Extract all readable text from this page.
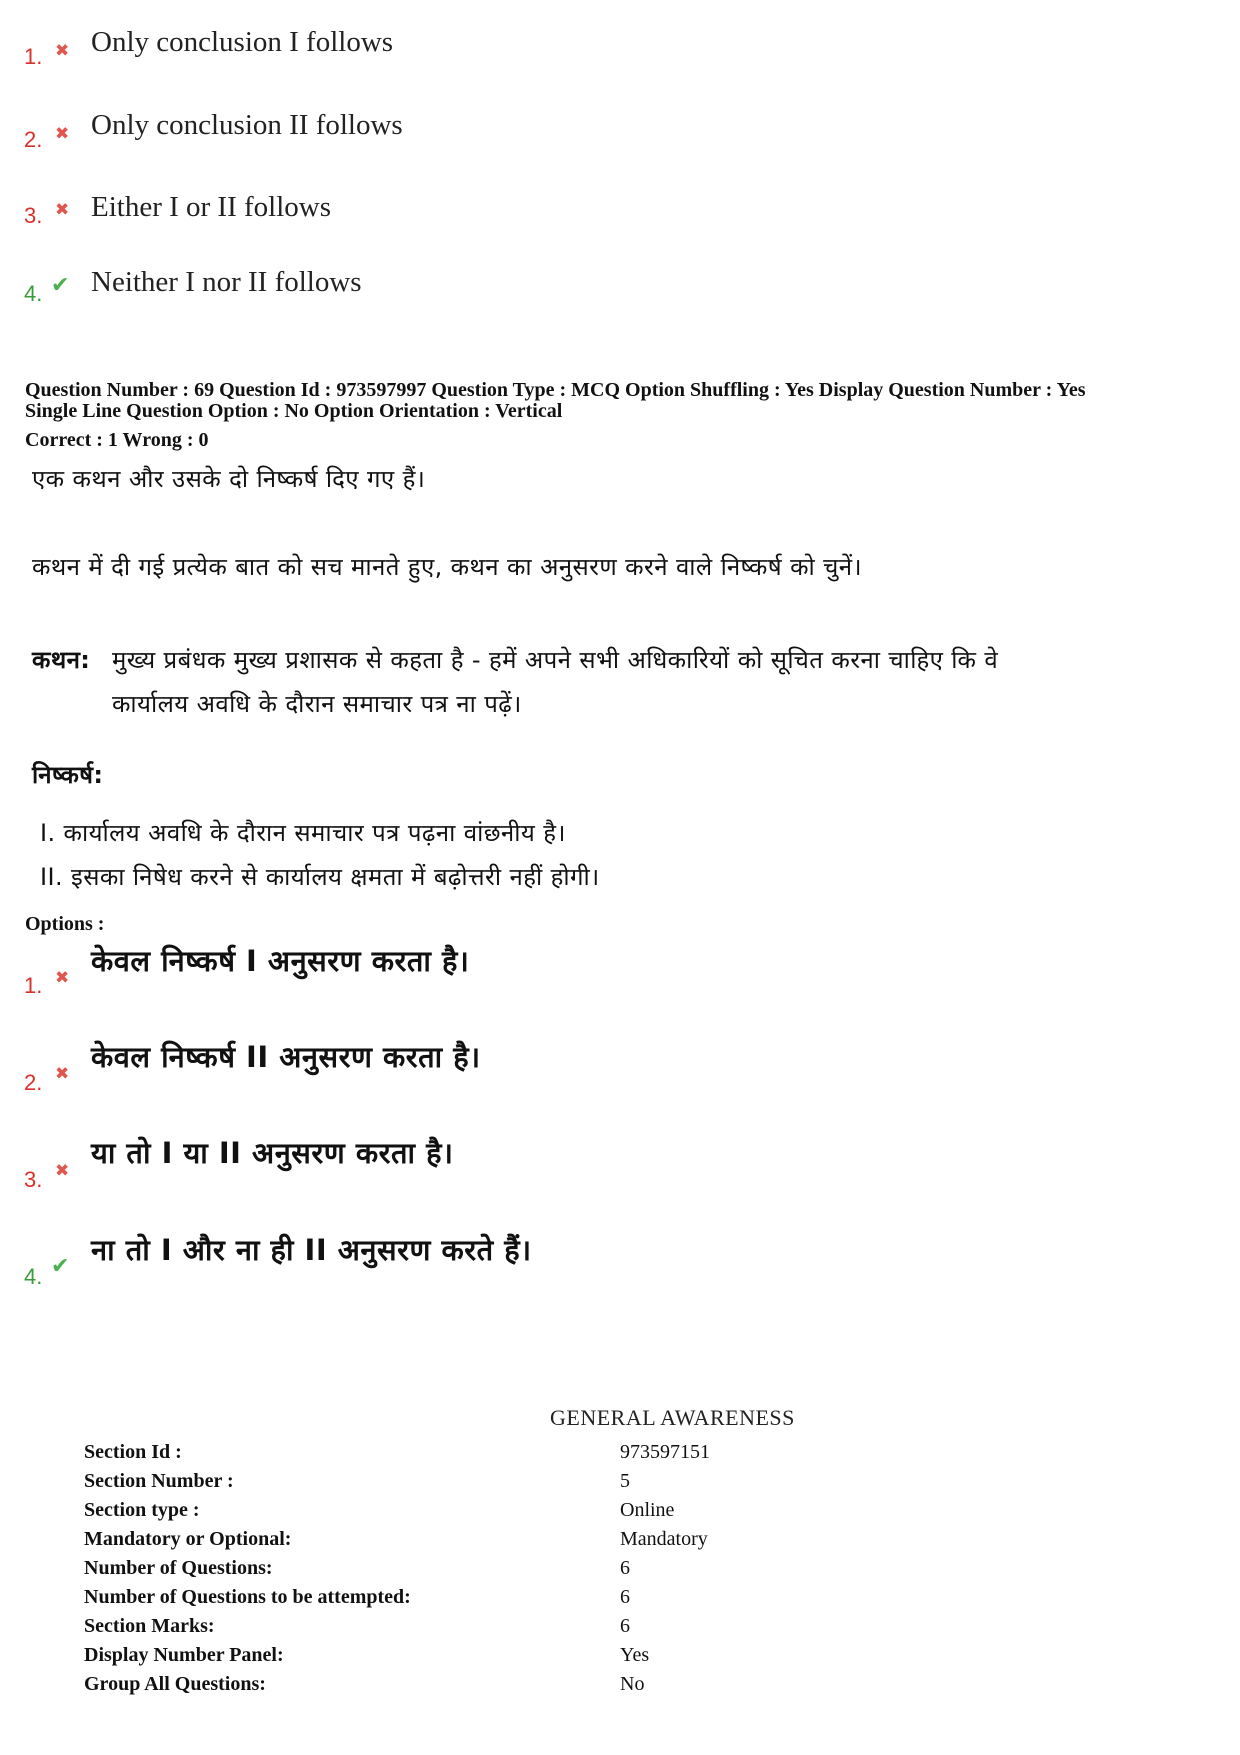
1. ✖ Only conclusion I follows
2. ✖ Only conclusion II follows
3. ✖ Either I or II follows
4. ✔ Neither I nor II follows
Question Number : 69 Question Id : 973597997 Question Type : MCQ Option Shuffling : Yes Display Question Number : Yes
Single Line Question Option : No Option Orientation : Vertical
Correct : 1 Wrong : 0
एक कथन और उसके दो निष्कर्ष दिए गए हैं।
कथन में दी गई प्रत्येक बात को सच मानते हुए, कथन का अनुसरण करने वाले निष्कर्ष को चुनें।
कथन: मुख्य प्रबंधक मुख्य प्रशासक से कहता है - हमें अपने सभी अधिकारियों को सूचित करना चाहिए कि वे
कार्यालय अवधि के दौरान समाचार पत्र ना पढ़ें।
निष्कर्ष:
I. कार्यालय अवधि के दौरान समाचार पत्र पढ़ना वांछनीय है।
II. इसका निषेध करने से कार्यालय क्षमता में बढ़ोत्तरी नहीं होगी।
Options :
1. ✖ केवल निष्कर्ष I अनुसरण करता है।
2. ✖ केवल निष्कर्ष II अनुसरण करता है।
3. ✖
या तो I या II अनुसरण करता है।
4. ✔ ना तो I और ना ही II अनुसरण करते हैं।
GENERAL AWARENESS
Section Id :	973597151
Section Number :	5
Section type :	Online
Mandatory or Optional:	Mandatory
Number of Questions:	6
Number of Questions to be attempted:	6
Section Marks:	6
Display Number Panel:	Yes
Group All Questions:	No
